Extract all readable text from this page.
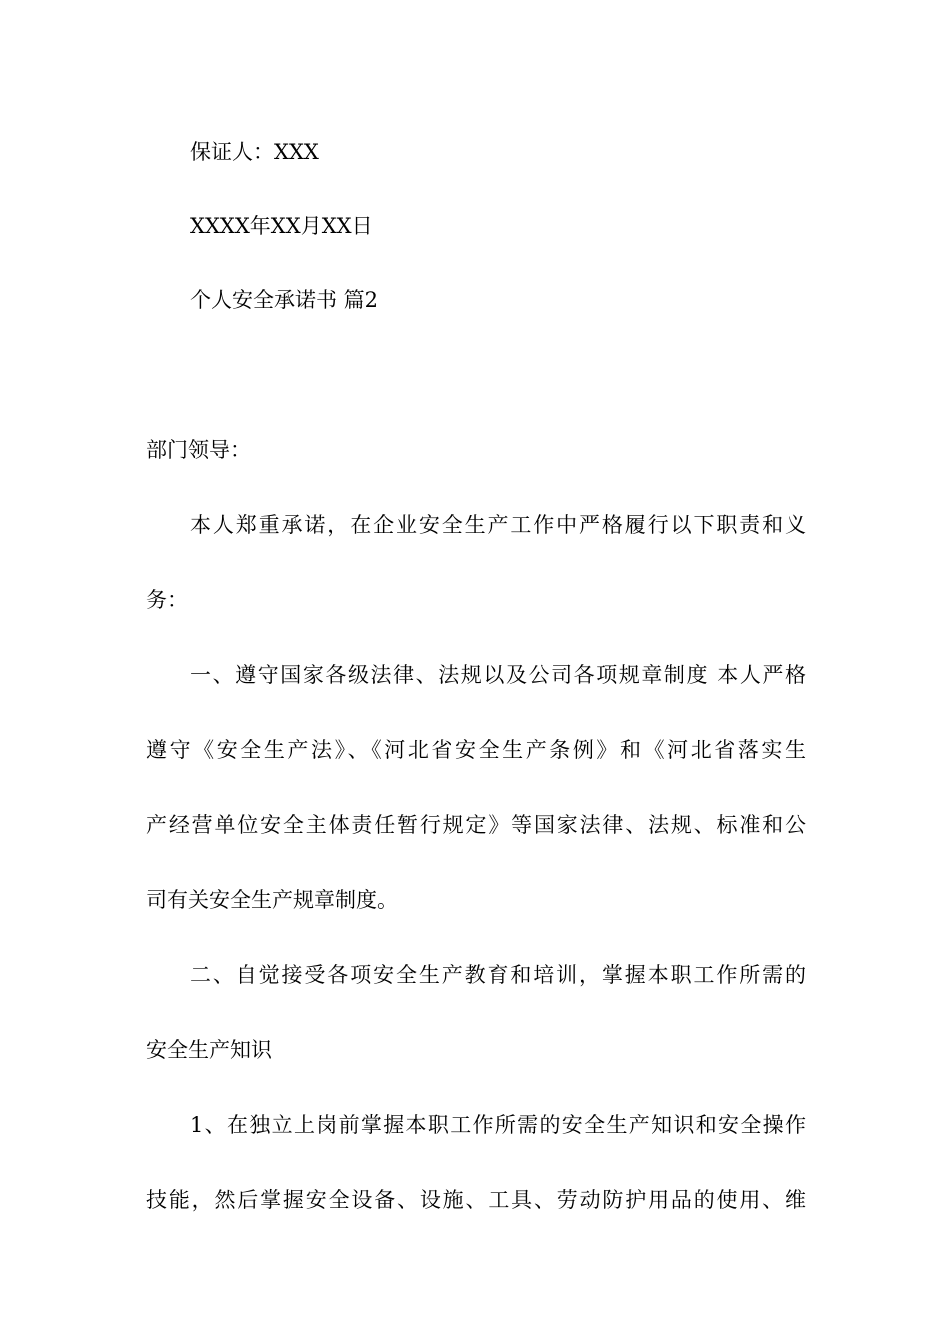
保证人：XXX
XXXX年XX月XX日
个人安全承诺书 篇2
部门领导：
本人郑重承诺，在企业安全生产工作中严格履行以下职责和义
务：
一、遵守国家各级法律、法规以及公司各项规章制度 本人严格
遵守《安全生产法》、《河北省安全生产条例》和《河北省落实生
产经营单位安全主体责任暂行规定》等国家法律、法规、标准和公
司有关安全生产规章制度。
二、自觉接受各项安全生产教育和培训，掌握本职工作所需的
安全生产知识
1、在独立上岗前掌握本职工作所需的安全生产知识和安全操作
技能，然后掌握安全设备、设施、工具、劳动防护用品的使用、维
